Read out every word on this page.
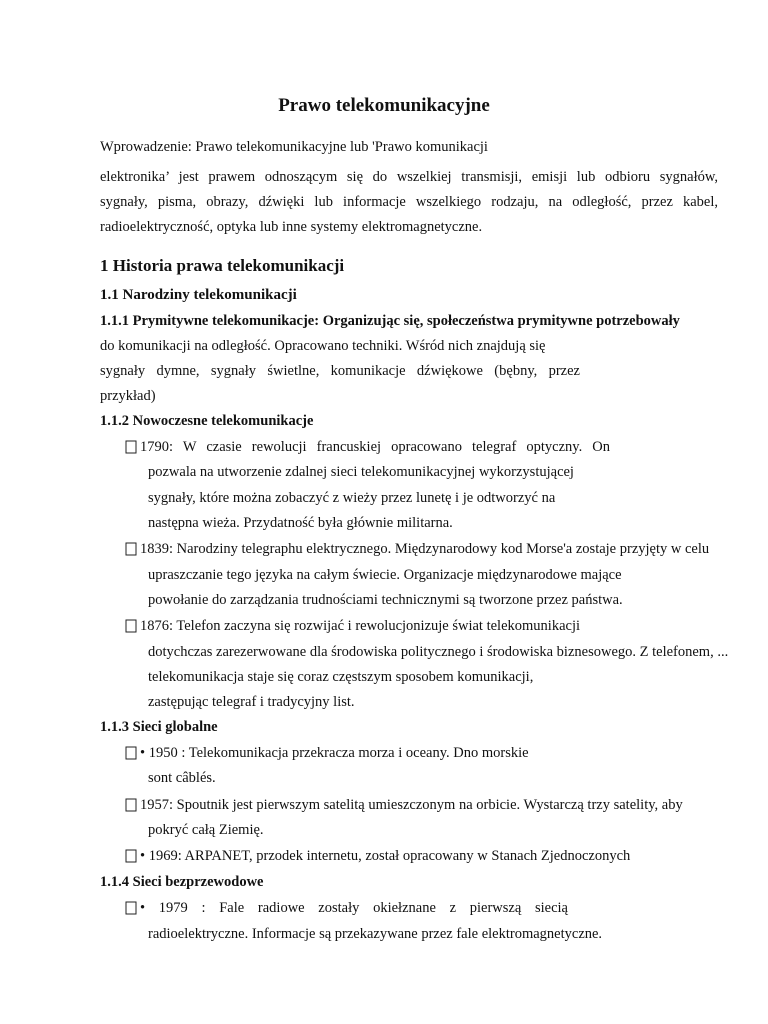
Prawo telekomunikacyjne

Wprowadzenie: Prawo telekomunikacyjne lub 'Prawo komunikacji

elektronika’ jest prawem odnoszącym się do wszelkiej transmisji, emisji lub odbioru sygnałów,

sygnały, pisma, obrazy, dźwięki lub informacje wszelkiego rodzaju, na odległość, przez kabel,

radioelektryczność, optyka lub inne systemy elektromagnetyczne.

1 Historia prawa telekomunikacji
1.1 Narodziny telekomunikacji
1.1.1 Prymitywne telekomunikacje: Organizując się, społeczeństwa prymitywne potrzebowały

do komunikacji na odległość. Opracowano techniki. Wśród nich znajdują się

sygnały dymne, sygnały świetlne, komunikacje dźwiękowe (bębny, przez

przykład)

1.1.2 Nowoczesne telekomunikacje

1790: W czasie rewolucji francuskiej opracowano telegraf optyczny. On

pozwala na utworzenie zdalnej sieci telekomunikacyjnej wykorzystującej

sygnały, które można zobaczyć z wieży przez lunetę i je odtworzyć na

następna wieża. Przydatność była głównie militarna.

1839: Narodziny telegraphu elektrycznego. Międzynarodowy kod Morse'a zostaje przyjęty w celu

upraszczanie tego języka na całym świecie. Organizacje międzynarodowe mające

powołanie do zarządzania trudnościami technicznymi są tworzone przez państwa.

1876: Telefon zaczyna się rozwijać i rewolucjonizuje świat telekomunikacji

dotychczas zarezerwowane dla środowiska politycznego i środowiska biznesowego. Z telefonem, ...

telekomunikacja staje się coraz częstszym sposobem komunikacji,

zastępując telegraf i tradycyjny list.

1.1.3 Sieci globalne

• 1950 : Telekomunikacja przekracza morza i oceany. Dno morskie

sont câblés.

1957: Spoutnik jest pierwszym satelitą umieszczonym na orbicie. Wystarczą trzy satelity, aby

pokryć całą Ziemię.

• 1969: ARPANET, przodek internetu, został opracowany w Stanach Zjednoczonych

1.1.4 Sieci bezprzewodowe

• 1979 : Fale radiowe zostały okiełznane z pierwszą siecią

radioelektryczne. Informacje są przekazywane przez fale elektromagnetyczne.
